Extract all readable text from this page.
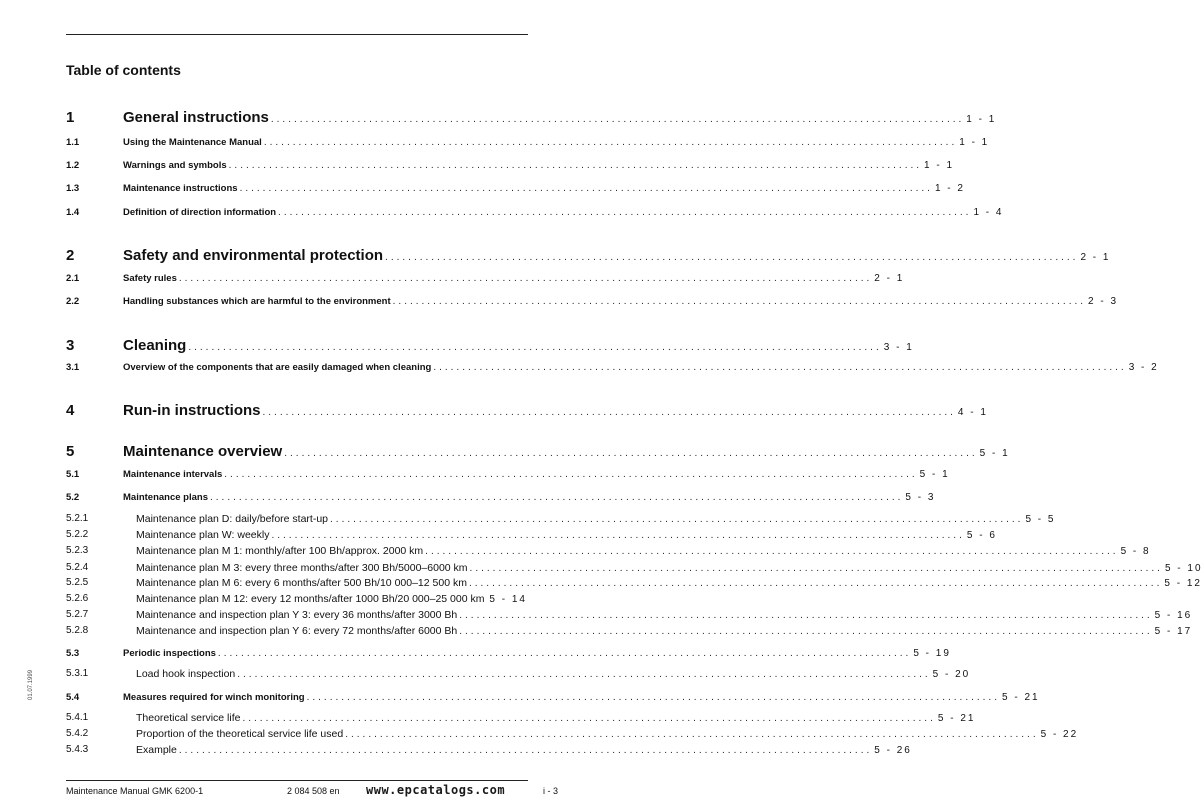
Table of contents
1	General instructions ........................................................................................................................ 1 - 1
1.1	Using the Maintenance Manual ........................................................................................................................ 1 - 1
1.2	Warnings and symbols ........................................................................................................................ 1 - 1
1.3	Maintenance instructions ........................................................................................................................ 1 - 2
1.4	Definition of direction information ........................................................................................................................ 1 - 4
2	Safety and environmental protection ........................................................................................................................ 2 - 1
2.1	Safety rules ........................................................................................................................ 2 - 1
2.2	Handling substances which are harmful to the environment ........................................................................................................................ 2 - 3
3	Cleaning ........................................................................................................................ 3 - 1
3.1	Overview of the components that are easily damaged when cleaning ........................................................................................................................ 3 - 2
4	Run-in instructions ........................................................................................................................ 4 - 1
5	Maintenance overview ........................................................................................................................ 5 - 1
5.1	Maintenance intervals ........................................................................................................................ 5 - 1
5.2	Maintenance plans ........................................................................................................................ 5 - 3
5.2.1	Maintenance plan D: daily/before start-up ........................................................................................................................ 5 - 5
5.2.2	Maintenance plan W: weekly ........................................................................................................................ 5 - 6
5.2.3	Maintenance plan M 1: monthly/after 100 Bh/approx. 2000 km ........................................................................................................................ 5 - 8
5.2.4	Maintenance plan M 3: every three months/after 300 Bh/5000–6000 km ........................................................................................................................ 5 - 10
5.2.5	Maintenance plan M 6: every 6 months/after 500 Bh/10 000–12 500 km ........................................................................................................................ 5 - 12
5.2.6	Maintenance plan M 12: every 12 months/after 1000 Bh/20 000–25 000 km 5 - 14
5.2.7	Maintenance and inspection plan Y 3: every 36 months/after 3000 Bh ........................................................................................................................ 5 - 16
5.2.8	Maintenance and inspection plan Y 6: every 72 months/after 6000 Bh ........................................................................................................................ 5 - 17
5.3	Periodic inspections ........................................................................................................................ 5 - 19
5.3.1	Load hook inspection ........................................................................................................................ 5 - 20
5.4	Measures required for winch monitoring ........................................................................................................................ 5 - 21
5.4.1	Theoretical service life ........................................................................................................................ 5 - 21
5.4.2	Proportion of the theoretical service life used ........................................................................................................................ 5 - 22
5.4.3	Example ........................................................................................................................ 5 - 26
01.07.1999
Maintenance Manual GMK 6200-1	2 084 508 en www.epcatalogs.com	i - 3
